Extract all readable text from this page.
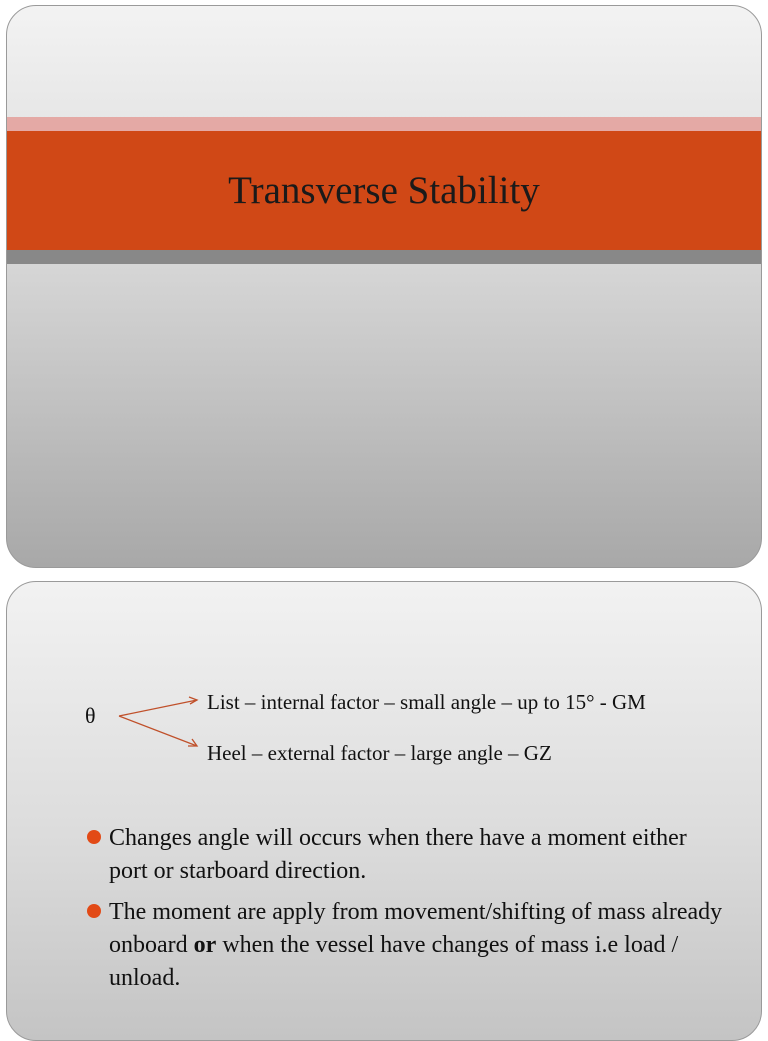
Transverse Stability
θ
List – internal factor – small angle – up to 15° - GM
Heel – external factor – large angle – GZ
Changes angle will occurs when there have a moment either port or starboard direction.
The moment are apply from movement/shifting of mass already onboard or when the vessel have changes of mass i.e load / unload.
